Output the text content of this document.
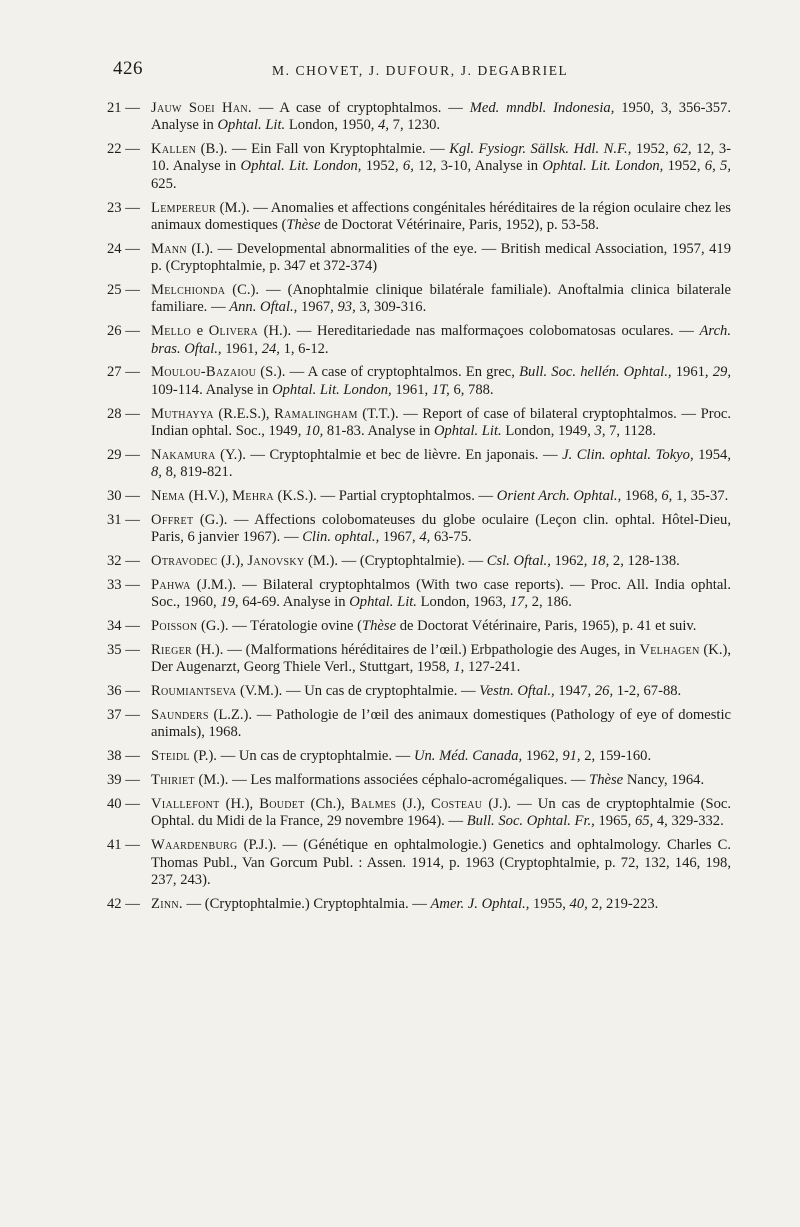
426	M. CHOVET, J. DUFOUR, J. DEGABRIEL
21 — Jauw Soei Han. — A case of cryptophtalmos. — Med. mndbl. Indonesia, 1950, 3, 356-357. Analyse in Ophtal. Lit. London, 1950, 4, 7, 1230.
22 — Kallen (B.). — Ein Fall von Kryptophtalmie. — Kgl. Fysiogr. Sällsk. Hdl. N.F., 1952, 62, 12, 3-10. Analyse in Ophtal. Lit. London, 1952, 6, 12, 3-10, Analyse in Ophtal. Lit. London, 1952, 6, 5, 625.
23 — Lempereur (M.). — Anomalies et affections congénitales héréditaires de la région oculaire chez les animaux domestiques (Thèse de Doctorat Vétérinaire, Paris, 1952), p. 53-58.
24 — Mann (I.). — Developmental abnormalities of the eye. — British medical Association, 1957, 419 p. (Cryptophtalmie, p. 347 et 372-374)
25 — Melchionda (C.). — (Anophtalmie clinique bilatérale familiale). Anoftalmia clinica bilaterale familiare. — Ann. Oftal., 1967, 93, 3, 309-316.
26 — Mello e Olivera (H.). — Hereditariedade nas malformaçoes colobomatosas oculares. — Arch. bras. Oftal., 1961, 24, 1, 6-12.
27 — Moulou-Bazaiou (S.). — A case of cryptophtalmos. En grec, Bull. Soc. hellén. Ophtal., 1961, 29, 109-114. Analyse in Ophtal. Lit. London, 1961, 1T, 6, 788.
28 — Muthayya (R.E.S.), Ramalingham (T.T.). — Report of case of bilateral cryptophtalmos. — Proc. Indian ophtal. Soc., 1949, 10, 81-83. Analyse in Ophtal. Lit. London, 1949, 3, 7, 1128.
29 — Nakamura (Y.). — Cryptophtalmie et bec de lièvre. En japonais. — J. Clin. ophtal. Tokyo, 1954, 8, 8, 819-821.
30 — Nema (H.V.), Mehra (K.S.). — Partial cryptophtalmos. — Orient Arch. Ophtal., 1968, 6, 1, 35-37.
31 — Offret (G.). — Affections colobomateuses du globe oculaire (Leçon clin. ophtal. Hôtel-Dieu, Paris, 6 janvier 1967). — Clin. ophtal., 1967, 4, 63-75.
32 — Otravodec (J.), Janovsky (M.). — (Cryptophtalmie). — Csl. Oftal., 1962, 18, 2, 128-138.
33 — Pahwa (J.M.). — Bilateral cryptophtalmos (With two case reports). — Proc. All. India ophtal. Soc., 1960, 19, 64-69. Analyse in Ophtal. Lit. London, 1963, 17, 2, 186.
34 — Poisson (G.). — Tératologie ovine (Thèse de Doctorat Vétérinaire, Paris, 1965), p. 41 et suiv.
35 — Rieger (H.). — (Malformations héréditaires de l’œil.) Erbpathologie des Auges, in Velhagen (K.), Der Augenarzt, Georg Thiele Verl., Stuttgart, 1958, 1, 127-241.
36 — Roumiantseva (V.M.). — Un cas de cryptophtalmie. — Vestn. Oftal., 1947, 26, 1-2, 67-88.
37 — Saunders (L.Z.). — Pathologie de l’œil des animaux domestiques (Pathology of eye of domestic animals), 1968.
38 — Steidl (P.). — Un cas de cryptophtalmie. — Un. Méd. Canada, 1962, 91, 2, 159-160.
39 — Thiriet (M.). — Les malformations associées céphalo-acromégaliques. — Thèse Nancy, 1964.
40 — Viallefont (H.), Boudet (Ch.), Balmes (J.), Costeau (J.). — Un cas de cryptophtalmie (Soc. Ophtal. du Midi de la France, 29 novembre 1964). — Bull. Soc. Ophtal. Fr., 1965, 65, 4, 329-332.
41 — Waardenburg (P.J.). — (Génétique en ophtalmologie.) Genetics and ophtalmology. Charles C. Thomas Publ., Van Gorcum Publ. : Assen. 1914, p. 1963 (Cryptophtalmie, p. 72, 132, 146, 198, 237, 243).
42 — Zinn. — (Cryptophtalmie.) Cryptophtalmia. — Amer. J. Ophtal., 1955, 40, 2, 219-223.
